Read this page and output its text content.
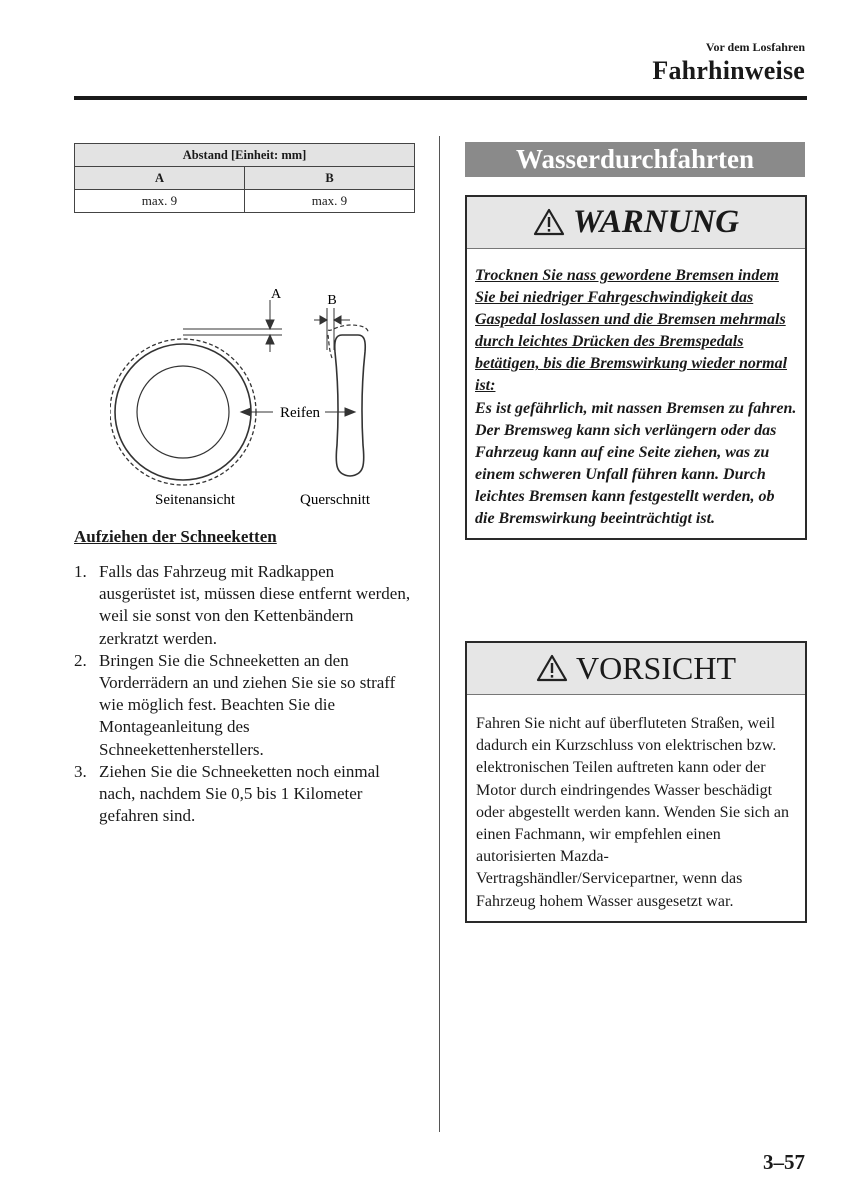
Vor dem Losfahren
Fahrhinweise
Abstand [Einheit: mm]	
A	B
max. 9	max. 9
A	B
Reifen
Seitenansicht	Querschnitt
Aufziehen der Schneeketten
1. Falls das Fahrzeug mit Radkappen ausgerüstet ist, müssen diese entfernt werden, weil sie sonst von den Kettenbändern zerkratzt werden.
2. Bringen Sie die Schneeketten an den Vorderrädern an und ziehen Sie sie so straff wie möglich fest. Beachten Sie die Montageanleitung des Schneekettenherstellers.
3. Ziehen Sie die Schneeketten noch einmal nach, nachdem Sie 0,5 bis 1 Kilometer gefahren sind.
Wasserdurchfahrten
WARNUNG
Trocknen Sie nass gewordene Bremsen indem Sie bei niedriger Fahrgeschwindigkeit das Gaspedal loslassen und die Bremsen mehrmals durch leichtes Drücken des Bremspedals betätigen, bis die Bremswirkung wieder normal ist:
Es ist gefährlich, mit nassen Bremsen zu fahren. Der Bremsweg kann sich verlängern oder das Fahrzeug kann auf eine Seite ziehen, was zu einem schweren Unfall führen kann. Durch leichtes Bremsen kann festgestellt werden, ob die Bremswirkung beeinträchtigt ist.
VORSICHT
Fahren Sie nicht auf überfluteten Straßen, weil dadurch ein Kurzschluss von elektrischen bzw. elektronischen Teilen auftreten kann oder der Motor durch eindringendes Wasser beschädigt oder abgestellt werden kann. Wenden Sie sich an einen Fachmann, wir empfehlen einen autorisierten Mazda-Vertragshändler/Servicepartner, wenn das Fahrzeug hohem Wasser ausgesetzt war.
3–57
